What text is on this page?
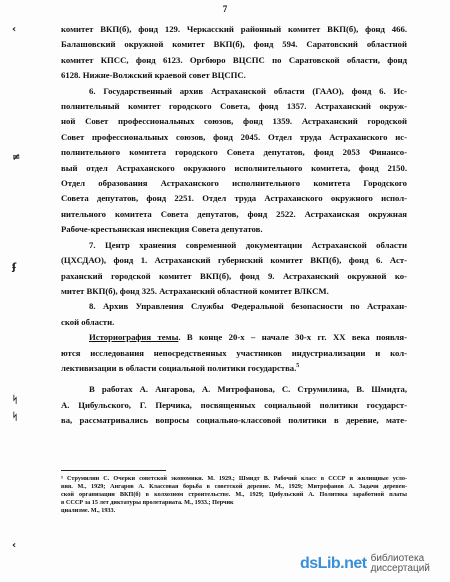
7
‹
≠
ʄ
ᛋ
ᛋ
‹
комитет ВКП(б), фонд 129. Черкасский районный комитет ВКП(б), фонд 466.
Балашовский окружной комитет ВКП(б), фонд 594. Саратовский областной
комитет КПСС, фонд 6123. Оргбюро ВЦСПС по Саратовской области, фонд
6128. Нижне-Волжский краевой совет ВЦСПС.
6. Государственный архив Астраханской области (ГААО), фонд 6. Ис-
полнительный комитет городского Совета, фонд 1357. Астраханский окруж-
ной Совет профессиональных союзов, фонд 1359. Астраханский городской
Совет профессиональных союзов, фонд 2045. Отдел труда Астраханского ис-
полнительного комитета городского Совета депутатов, фонд 2053 Финансо-
вый отдел Астраханского окружного исполнительного комитета, фонд 2150.
Отдел образования Астраханского исполнительного комитета Городского
Совета депутатов, фонд 2251. Отдел труда Астраханского окружного испол-
нительного комитета Совета депутатов, фонд 2522. Астраханская окружная
Рабоче-крестьянская инспекция Совета депутатов.
7. Центр хранения современной документации Астраханской области
(ЦХСДАО), фонд 1. Астраханский губернский комитет ВКП(б), фонд 6. Аст-
раханский городской комитет ВКП(б), фонд 9. Астраханский окружной ко-
митет ВКП(б), фонд 325. Астраханский областной комитет ВЛКСМ.
8. Архив Управления Службы Федеральной безопасности по Астрахан-
ской области.
Историография темы. В конце 20-х – начале 30-х гг. XX века появля-
ются исследования непосредственных участников индустриализации и кол-
лективизации в области социальной политики государства.$^5$
В работах А. Ангарова, А. Митрофанова, С. Струмилина, В. Шмидта,
А. Цибульского, Г. Перчика, посвященных социальной политики государст-
ва, рассматривались вопросы социально-классовой политики в деревне, мате-
⁵ Струмилин С. Очерки советской экономики. М. 1929.; Шмидт В. Рабочий класс в СССР и жилищные усло-
вия. М., 1929; Ангаров А. Классовая борьба в советской деревне. М., 1929; Митрофанов А. Задачи деревен-
ской организации ВКП(б) в колхозном строительстве. М., 1929; Цибульский А. Политика заработной платы
в СССР за 15 лет диктатуры пролетариата. М., 1933.; Перчик
циализме. М., 1933.
dsLib.net библиотека диссертаций
